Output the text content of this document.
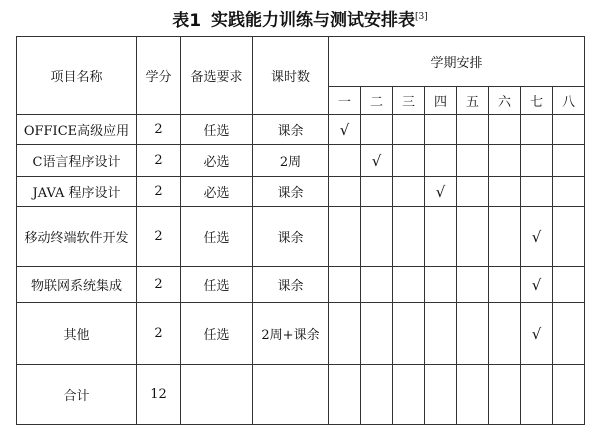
表1 实践能力训练与测试安排表[3]
项目名称	学分	备选要求	课时数	学期安排							
				一	二	三	四	五	六	七	八
OFFICE高级应用	2	任选	课余	√							
C语言程序设计	2	必选	2周		√						
JAVA 程序设计	2	必选	课余				√				
移动终端软件开发	2	任选	课余							√	
物联网系统集成	2	任选	课余							√	
其他	2	任选	2周+课余							√	
合计	12										
